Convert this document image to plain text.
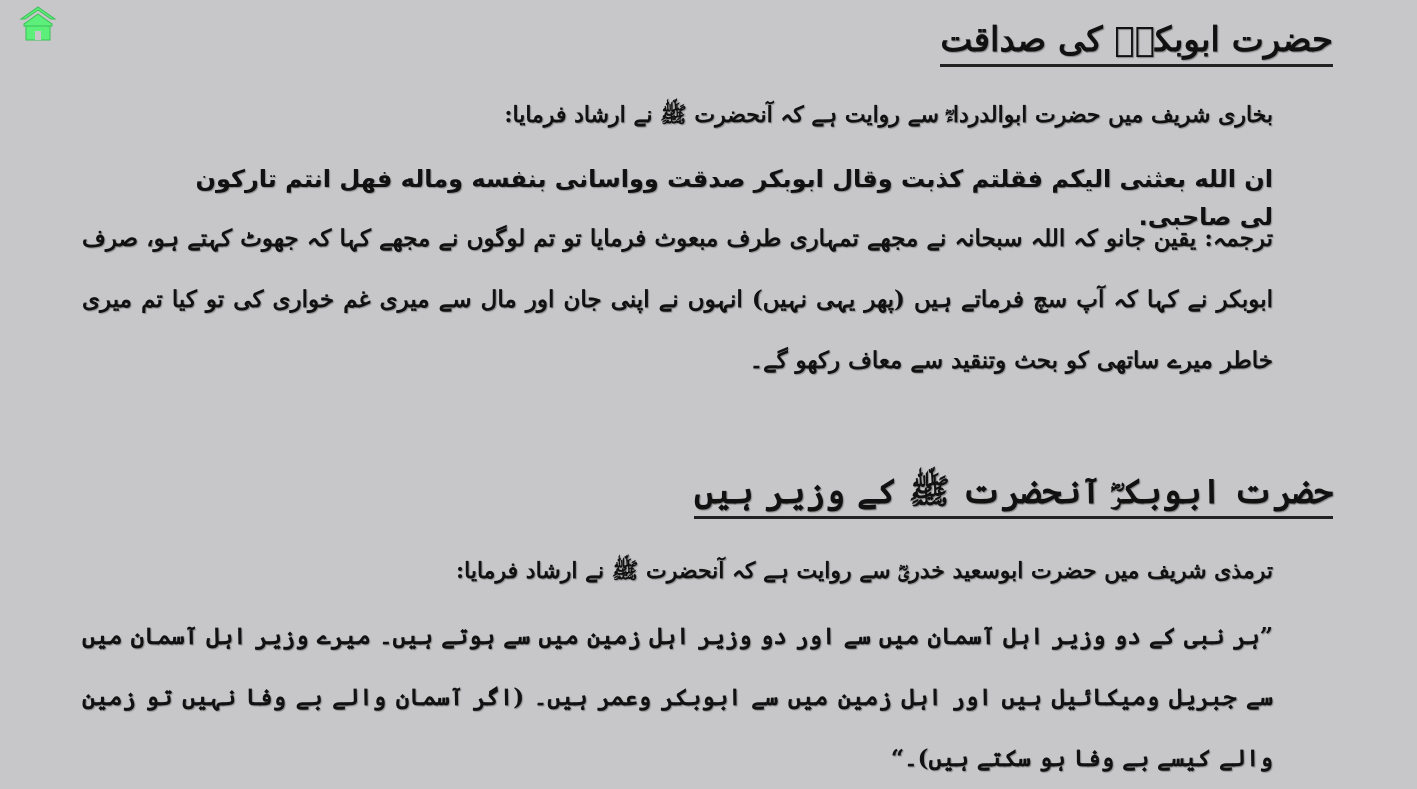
حضرت ابوبکرؓ کی صداقت
بخاری شریف میں حضرت ابوالدرداءؓ سے روایت ہے کہ آنحضرت ﷺ نے ارشاد فرمایا:
ان الله بعثنی الیکم فقلتم کذبت وقال ابوبکر صدقت وواسانی بنفسه وماله فهل انتم تارکون لی صاحبی.
ترجمہ: یقین جانو کہ اللہ سبحانہ نے مجھے تمہاری طرف مبعوث فرمایا تو تم لوگوں نے مجھے کہا کہ جھوٹ کہتے ہو، صرف ابوبکر نے کہا کہ آپ سچ فرماتے ہیں (پھر یہی نہیں) انہوں نے اپنی جان اور مال سے میری غم خواری کی تو کیا تم میری خاطر میرے ساتھی کو بحث وتنقید سے معاف رکھو گے۔
حضرت ابوبکرؓ آنحضرت ﷺ کے وزیر ہیں
ترمذی شریف میں حضرت ابوسعید خدریؓ سے روایت ہے کہ آنحضرت ﷺ نے ارشاد فرمایا:
”ہر نبی کے دو وزیر اہل آسمان میں سے اور دو وزیر اہل زمین میں سے ہوتے ہیں۔ میرے وزیر اہل آسمان میں سے جبریل ومیکائیل ہیں اور اہل زمین میں سے ابوبکر وعمر ہیں۔ (اگر آسمان والے بے وفا نہیں تو زمین والے کیسے بے وفا ہو سکتے ہیں)۔“
